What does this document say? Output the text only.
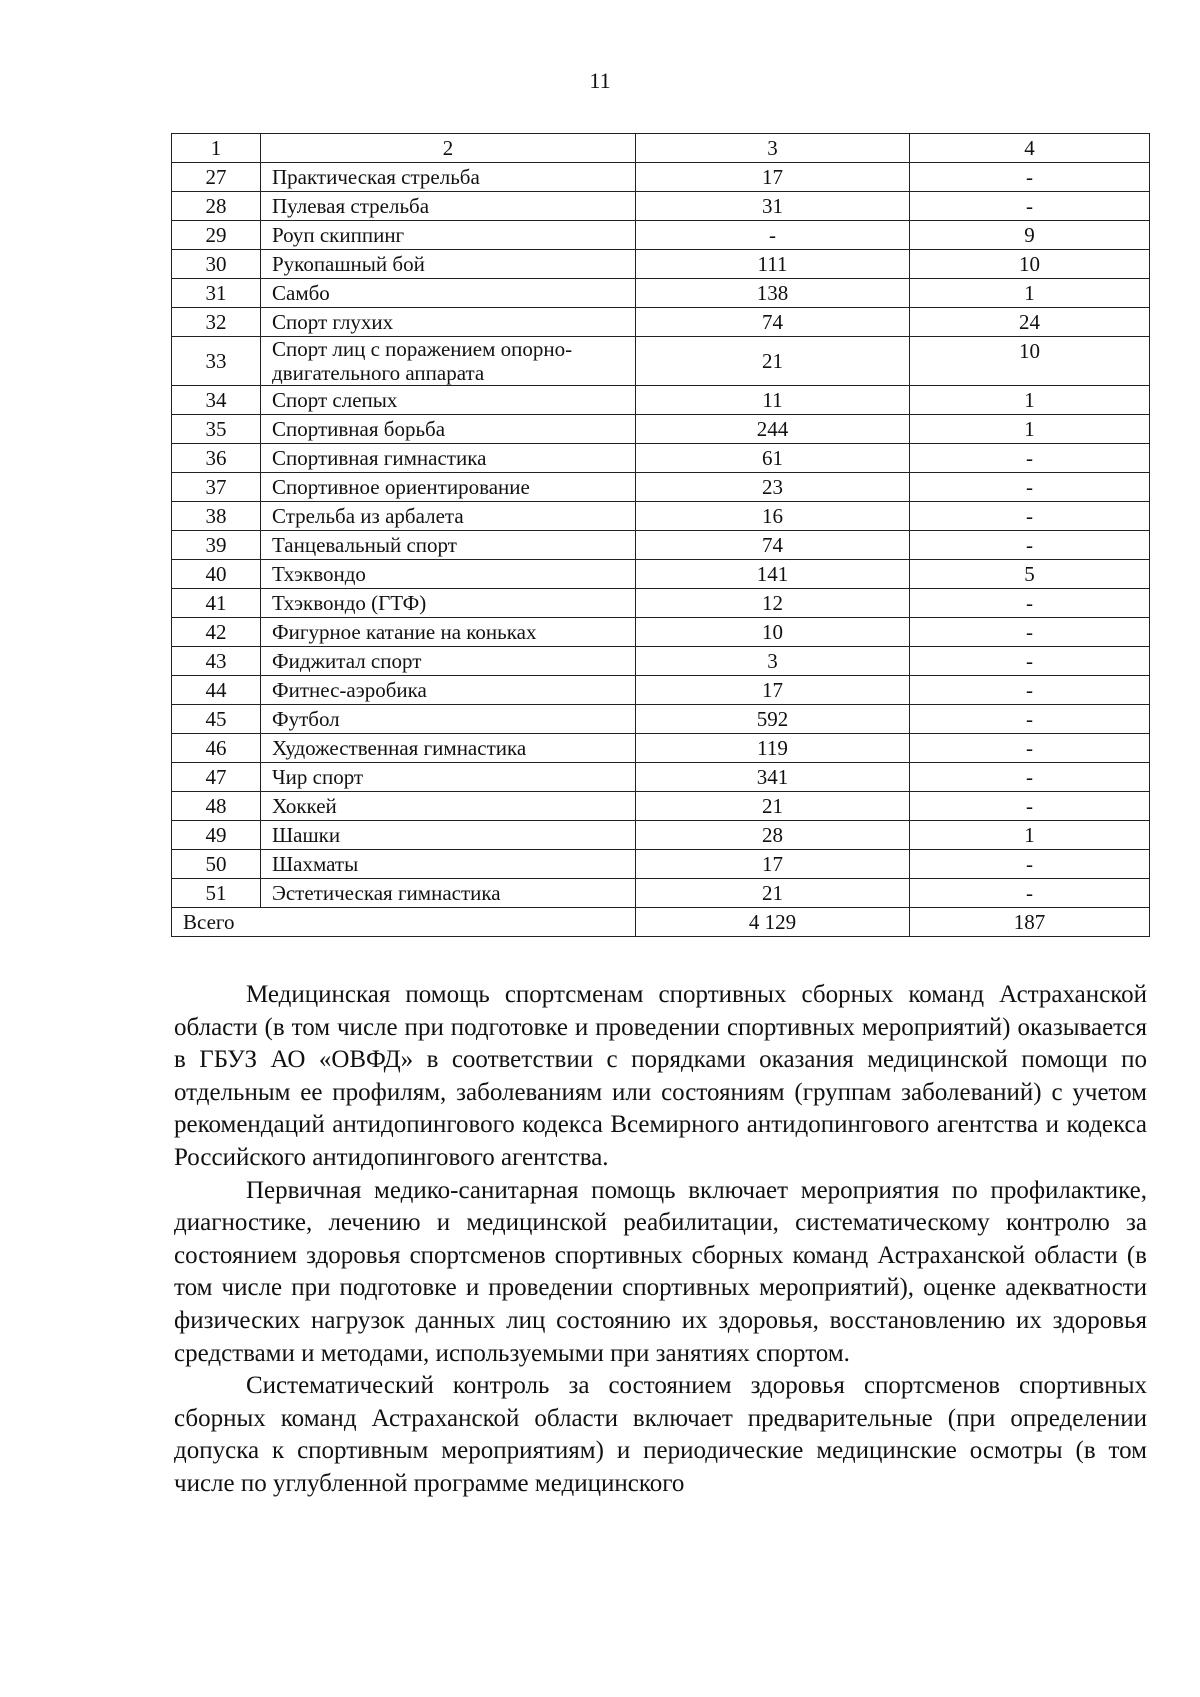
11
1	2	3	4
27	Практическая стрельба	17	-
28	Пулевая стрельба	31	-
29	Роуп скиппинг	-	9
30	Рукопашный бой	111	10
31	Самбо	138	1
32	Спорт глухих	74	24
33	Спорт лиц с поражением опорно-двигательного аппарата	21	10
34	Спорт слепых	11	1
35	Спортивная борьба	244	1
36	Спортивная гимнастика	61	-
37	Спортивное ориентирование	23	-
38	Стрельба из арбалета	16	-
39	Танцевальный спорт	74	-
40	Тхэквондо	141	5
41	Тхэквондо (ГТФ)	12	-
42	Фигурное катание на коньках	10	-
43	Фиджитал спорт	3	-
44	Фитнес-аэробика	17	-
45	Футбол	592	-
46	Художественная гимнастика	119	-
47	Чир спорт	341	-
48	Хоккей	21	-
49	Шашки	28	1
50	Шахматы	17	-
51	Эстетическая гимнастика	21	-
Всего		4 129	187

Медицинская помощь спортсменам спортивных сборных команд Астраханской области (в том числе при подготовке и проведении спортивных мероприятий) оказывается в ГБУЗ АО «ОВФД» в соответствии с порядками оказания медицинской помощи по отдельным ее профилям, заболеваниям или состояниям (группам заболеваний) с учетом рекомендаций антидопингового кодекса Всемирного антидопингового агентства и кодекса Российского антидопингового агентства.

Первичная медико-санитарная помощь включает мероприятия по профилактике, диагностике, лечению и медицинской реабилитации, систематическому контролю за состоянием здоровья спортсменов спортивных сборных команд Астраханской области (в том числе при подготовке и проведении спортивных мероприятий), оценке адекватности физических нагрузок данных лиц состоянию их здоровья, восстановлению их здоровья средствами и методами, используемыми при занятиях спортом.

Систематический контроль за состоянием здоровья спортсменов спортивных сборных команд Астраханской области включает предварительные (при определении допуска к спортивным мероприятиям) и периодические медицинские осмотры (в том числе по углубленной программе медицинского
